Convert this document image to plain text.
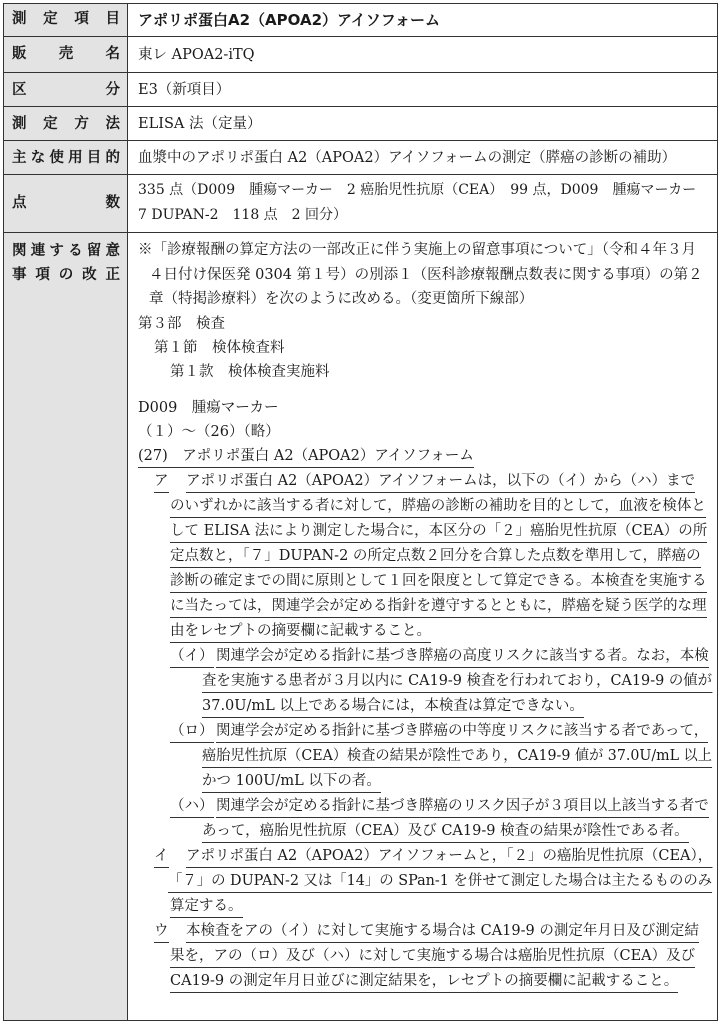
測 定 項 目 アポリポ蛋白A2（APOA2）アイソフォーム
販 売 名 東レ APOA2-iTQ
区	分 E3（新項目）
測 定 方 法 ELISA 法（定量）
主 な 使 用 目 的 血漿中のアポリポ蛋白 A2（APOA2）アイソフォームの測定（膵癌の診断の補助）
点	数
335 点（D009　腫瘍マーカー　2 癌胎児性抗原（CEA）　99 点，D009　腫瘍マーカー
7 DUPAN-2　118 点　2 回分）
関 連 す る 留 意
事 項 の 改 正
※「診療報酬の算定方法の一部改正に伴う実施上の留意事項について」（令和４年３月
４日付け保医発 0304 第１号）の別添１（医科診療報酬点数表に関する事項）の第２
章（特掲診療料）を次のように改める。（変更箇所下線部）
第３部　検査
第１節　検体検査料
第１款　検体検査実施料
D009　腫瘍マーカー
（１）～（26）（略）
(27)　アポリポ蛋白 A2（APOA2）アイソフォーム
ア アポリポ蛋白 A2（APOA2）アイソフォームは，以下の（イ）から（ハ）まで
のいずれかに該当する者に対して，膵癌の診断の補助を目的として，血液を検体と
して ELISA 法により測定した場合に，本区分の「２」癌胎児性抗原（CEA）の所
定点数と，「７」DUPAN-2 の所定点数２回分を合算した点数を準用して，膵癌の
診断の確定までの間に原則として１回を限度として算定できる。本検査を実施する
に当たっては，関連学会が定める指針を遵守するとともに，膵癌を疑う医学的な理
由をレセプトの摘要欄に記載すること。
（イ） 関連学会が定める指針に基づき膵癌の高度リスクに該当する者。なお，本検
査を実施する患者が３月以内に CA19-9 検査を行われており，CA19-9 の値が
37.0U/mL 以上である場合には，本検査は算定できない。
（ロ） 関連学会が定める指針に基づき膵癌の中等度リスクに該当する者であって，
癌胎児性抗原（CEA）検査の結果が陰性であり，CA19-9 値が 37.0U/mL 以上
かつ 100U/mL 以下の者。
（ハ） 関連学会が定める指針に基づき膵癌のリスク因子が３項目以上該当する者で
あって，癌胎児性抗原（CEA）及び CA19-9 検査の結果が陰性である者。
イ アポリポ蛋白 A2（APOA2）アイソフォームと，「２」の癌胎児性抗原（CEA），
「７」の DUPAN-2 又は「14」の SPan-1 を併せて測定した場合は主たるもののみ
算定する。
ウ 本検査をアの（イ）に対して実施する場合は CA19-9 の測定年月日及び測定結
果を，アの（ロ）及び（ハ）に対して実施する場合は癌胎児性抗原（CEA）及び
CA19-9 の測定年月日並びに測定結果を，レセプトの摘要欄に記載すること。
